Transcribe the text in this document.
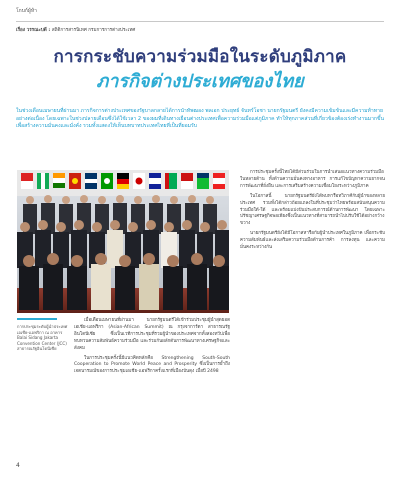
โกบก์ผู้ห้า
เรื่อง วรรณะบดี : สถิติการสารนิเทศ กรมการการต่างประเทศ
การกระชับความร่วมมือในระดับภูมิภาค
ภารกิจต่างประเทศของไทย
ในช่วงเดือนเมษายนที่ผ่านมา ภารกิจการต่างประเทศของรัฐบาลกลายได้การนำทัพฒอง พลเอก ประยุทธ์ จันทร์โอชา นายกรัฐมนตรี ยังคงมีความเข้มข้นและมีความท้าทายอย่างต่อเนื่อง โดยเฉพาะในช่วงปลายเดือนซึ่งได้ใช้เวลา 2 ของผมที่เดินทางเยือนต่างประเทศเพื่อความร่วมมือแต่ภูมิภาค ทำให้ทุกภาคส่วนที่เกี่ยวข้องต้องเร่งทำงานมากขึ้น เพื่อสร้างความมั่นคงและมั่งคั่ง รวมทั้งแสดงให้เห็นบทบาทประเทศไทยที่เป็นที่ยอมรับ
การประชุมระดับผู้นำประเทศเอเชีย-แอฟริกา ณ อาคาร Balai Sidang Jakarta Convention Center (JCC) สาธารณรัฐอินโดนีเซีย

เมื่อเดือนเมษายนที่ผ่านมา นายกรัฐมนตรีได้เข้าร่วมประชุมผู้นำสุดยอดเอเชีย-แอฟริกา (Asian-African Summit) ณ กรุงจาการ์ตา สาธารณรัฐอินโดนีเซีย ซึ่งเป็นเวทีการประชุมที่รวมผู้นำของประเทศจากทั้งสองทวีปเพื่อทบทวนความสัมพันธ์ความร่วมมือ และร่วมกันผลักดันการพัฒนาทางเศรษฐกิจและสังคม

ในการประชุมครั้งนี้มีแนวคิดหลักคือ Strengthening South-South Cooperation to Promote World Peace and Prosperity ซึ่งเป็นการย้ำถึงเจตนารมณ์ของการประชุมเอเชีย-แอฟริกาครั้งแรกที่เมืองบันดุง เมื่อปี 2498

การประชุมครั้งนี้ไทยได้มีส่วนร่วมในการนำเสนอแนวทางความร่วมมือในหลายด้าน ทั้งด้านความมั่นคงทางอาหาร การแก้ไขปัญหาความยากจน การพัฒนาที่ยั่งยืน และการเสริมสร้างความเชื่อมโยงระหว่างภูมิภาค

ในโอกาสนี้ นายกรัฐมนตรียังได้พบหารือทวิภาคีกับผู้นำของหลายประเทศ รวมทั้งได้กล่าวถ้อยแถลงในที่ประชุมว่าไทยพร้อมสนับสนุนความร่วมมือใต้-ใต้ และพร้อมแบ่งปันประสบการณ์ด้านการพัฒนา โดยเฉพาะปรัชญาเศรษฐกิจพอเพียงซึ่งเป็นแนวทางที่สามารถนำไปปรับใช้ได้อย่างกว้างขวาง

นายกรัฐมนตรียังได้มีโอกาสหารือกับผู้นำประเทศในภูมิภาค เพื่อกระชับความสัมพันธ์และส่งเสริมความร่วมมือด้านการค้า การลงทุน และความมั่นคงระหว่างกัน

4
